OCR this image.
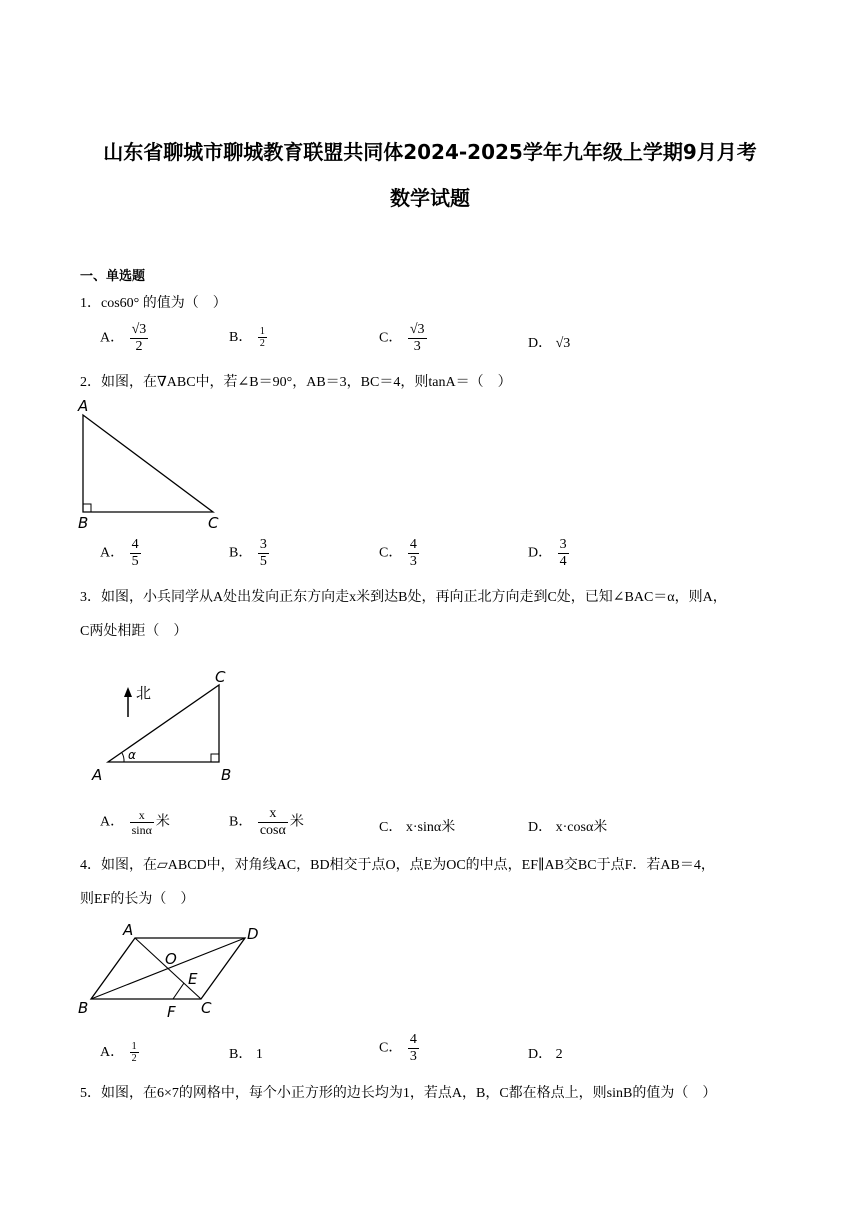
山东省聊城市聊城教育联盟共同体2024-2025学年九年级上学期9月月考
数学试题
一、单选题
1．cos60° 的值为（　）
A． $\frac{√3}{2}$	B． $\frac{1}{2}$	C． $\frac{√3}{3}$	D． √3
2．如图，在∇ABC中，若∠B＝90°，AB＝3，BC＝4，则tanA＝（　）
A
B	C
A． $\frac{4}{5}$	B． $\frac{3}{5}$	C． $\frac{4}{3}$	D． $\frac{3}{4}$
3．如图，小兵同学从A处出发向正东方向走x米到达B处，再向正北方向走到C处，已知∠BAC＝α，则A，
C两处相距（　）
北
C
A	B
α
A． $\frac{x}{\sin\alpha}$ 米	B． $\frac{x}{\cos\alpha}$ 米	C． x·sinα米	D． x·cosα米
4．如图，在▱ABCD中，对角线AC，BD相交于点O，点E为OC的中点，EF∥AB交BC于点F．若AB＝4，
则EF的长为（　）
A	D
B	C
O
E
F
A． $\frac{1}{2}$	B． 1	C． $\frac{4}{3}$	D． 2
5．如图，在6×7的网格中，每个小正方形的边长均为1，若点A，B，C都在格点上，则sinB的值为（　）
